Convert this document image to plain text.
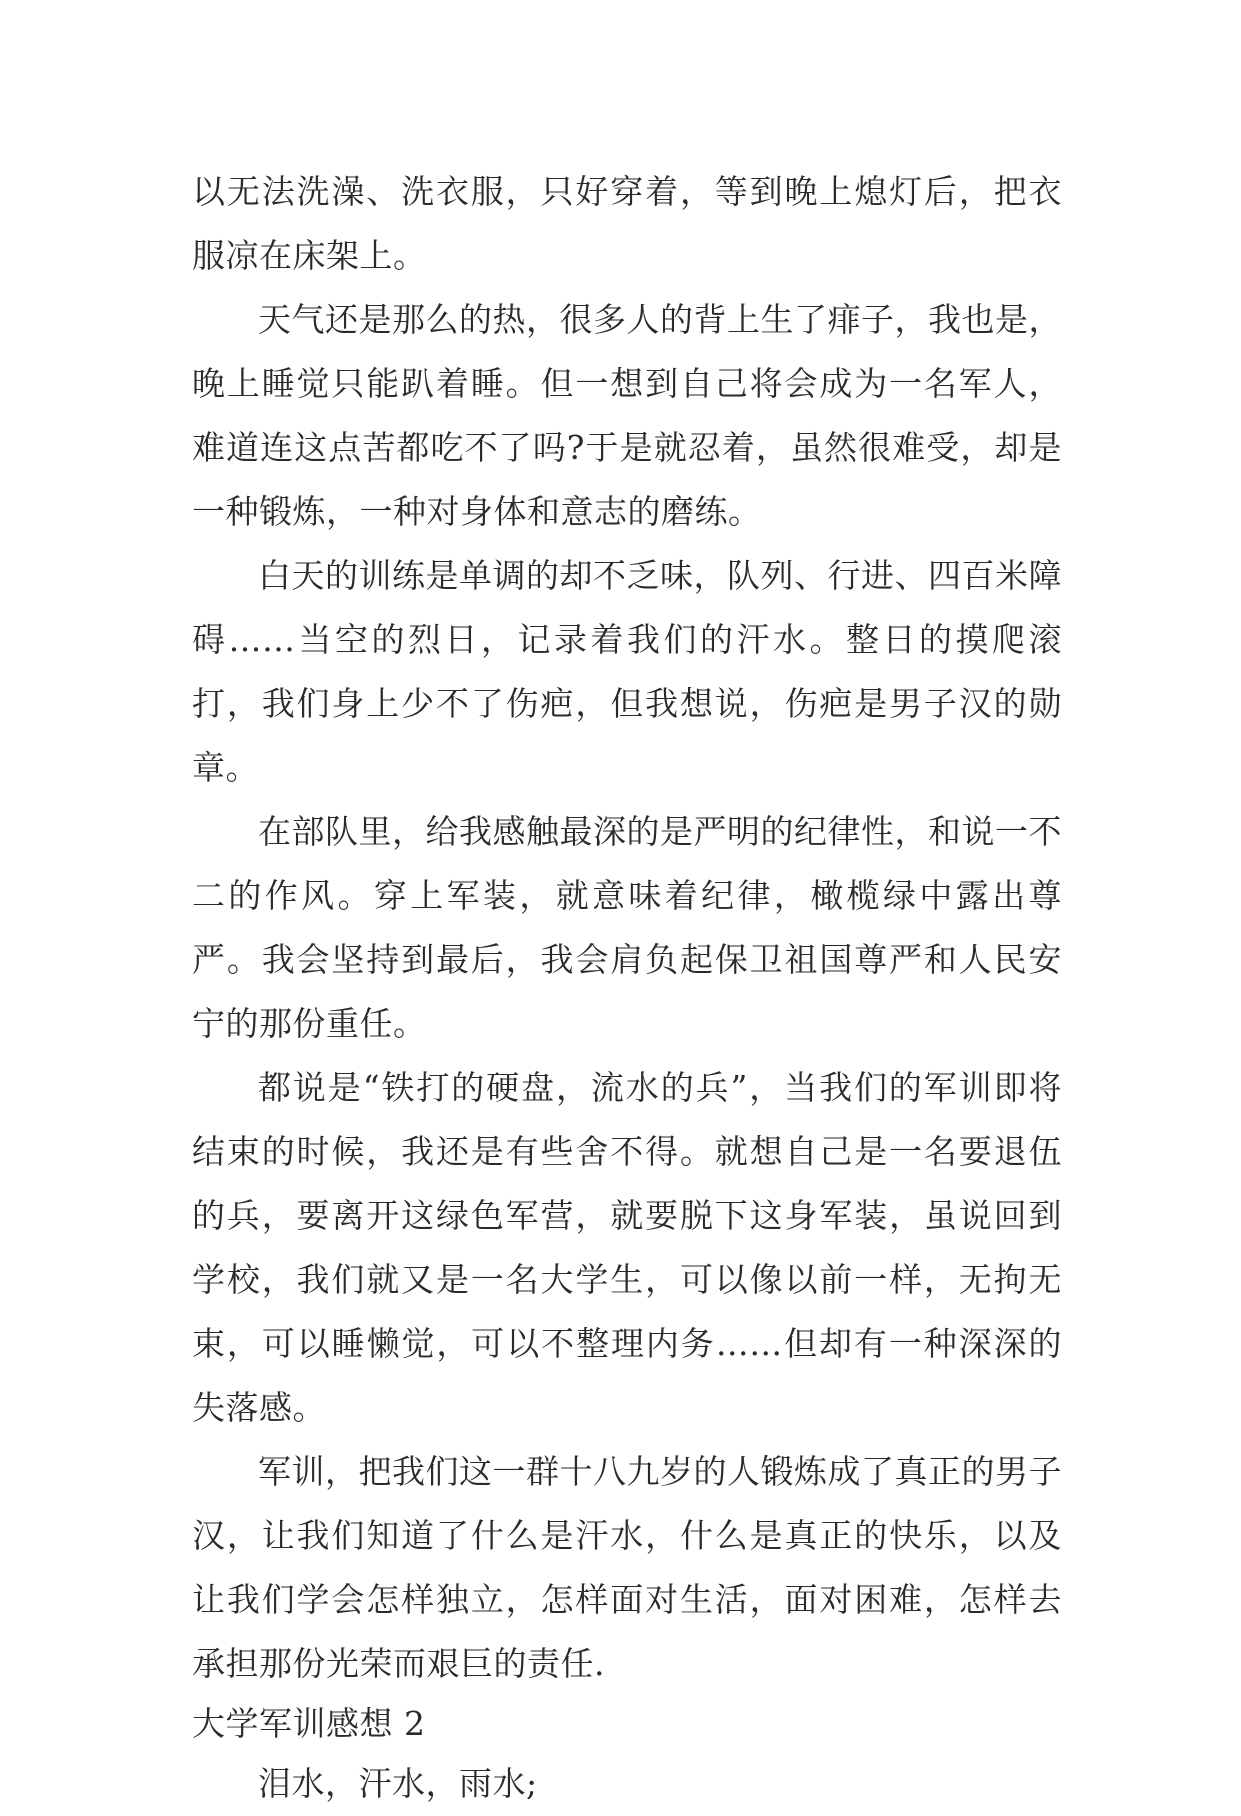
以无法洗澡、洗衣服，只好穿着，等到晚上熄灯后，把衣服凉在床架上。

天气还是那么的热，很多人的背上生了痱子，我也是，晚上睡觉只能趴着睡。但一想到自己将会成为一名军人，难道连这点苦都吃不了吗?于是就忍着，虽然很难受，却是一种锻炼，一种对身体和意志的磨练。

白天的训练是单调的却不乏味，队列、行进、四百米障碍……当空的烈日，记录着我们的汗水。整日的摸爬滚打，我们身上少不了伤疤，但我想说，伤疤是男子汉的勋章。

在部队里，给我感触最深的是严明的纪律性，和说一不二的作风。穿上军装，就意味着纪律，橄榄绿中露出尊严。我会坚持到最后，我会肩负起保卫祖国尊严和人民安宁的那份重任。

都说是“铁打的硬盘，流水的兵”，当我们的军训即将结束的时候，我还是有些舍不得。就想自己是一名要退伍的兵，要离开这绿色军营，就要脱下这身军装，虽说回到学校，我们就又是一名大学生，可以像以前一样，无拘无束，可以睡懒觉，可以不整理内务……但却有一种深深的失落感。

军训，把我们这一群十八九岁的人锻炼成了真正的男子汉，让我们知道了什么是汗水，什么是真正的快乐，以及让我们学会怎样独立，怎样面对生活，面对困难，怎样去承担那份光荣而艰巨的责任.

大学军训感想 2

泪水，汗水，雨水;
